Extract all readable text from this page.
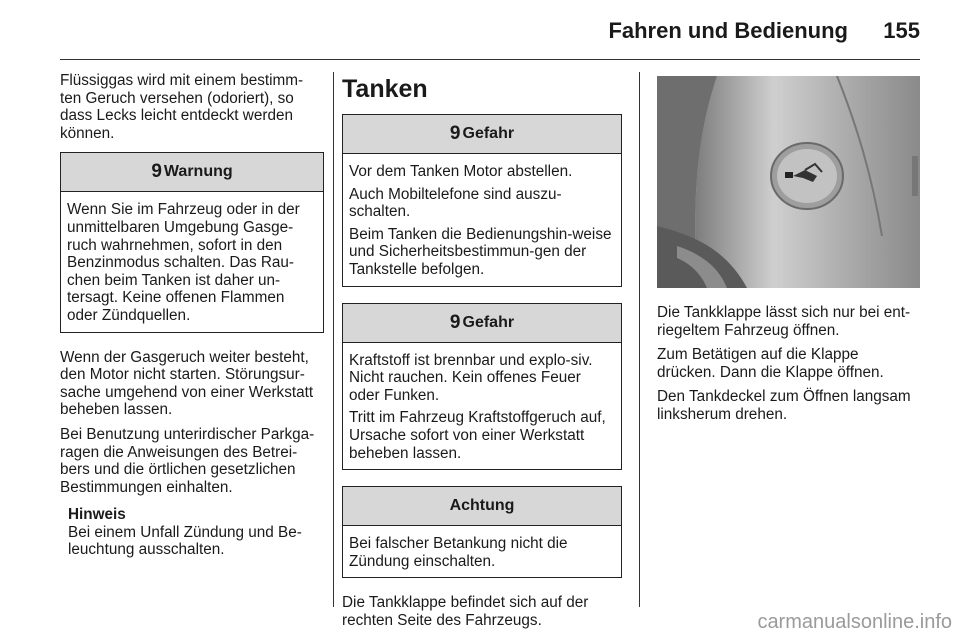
Fahren und Bedienung 155

Flüssiggas wird mit einem bestimm-ten Geruch versehen (odoriert), so dass Lecks leicht entdeckt werden können.

9 Warnung

Wenn Sie im Fahrzeug oder in der unmittelbaren Umgebung Gasge-ruch wahrnehmen, sofort in den Benzinmodus schalten. Das Rau-chen beim Tanken ist daher un-tersagt. Keine offenen Flammen oder Zündquellen.

Wenn der Gasgeruch weiter besteht, den Motor nicht starten. Störungsur-sache umgehend von einer Werkstatt beheben lassen.

Bei Benutzung unterirdischer Parkga-ragen die Anweisungen des Betrei-bers und die örtlichen gesetzlichen Bestimmungen einhalten.

Hinweis

Bei einem Unfall Zündung und Be-leuchtung ausschalten.

Tanken
9 Gefahr

Vor dem Tanken Motor abstellen.

Auch Mobiltelefone sind auszu-schalten.

Beim Tanken die Bedienungshin-weise und Sicherheitsbestimmun-gen der Tankstelle befolgen.

9 Gefahr

Kraftstoff ist brennbar und explo-siv. Nicht rauchen. Kein offenes Feuer oder Funken.

Tritt im Fahrzeug Kraftstoffgeruch auf, Ursache sofort von einer Werkstatt beheben lassen.

Achtung

Bei falscher Betankung nicht die Zündung einschalten.

Die Tankklappe befindet sich auf der rechten Seite des Fahrzeugs.

Die Tankklappe lässt sich nur bei ent-riegeltem Fahrzeug öffnen.

Zum Betätigen auf die Klappe drücken. Dann die Klappe öffnen.

Den Tankdeckel zum Öffnen langsam linksherum drehen.

carmanualsonline.info
